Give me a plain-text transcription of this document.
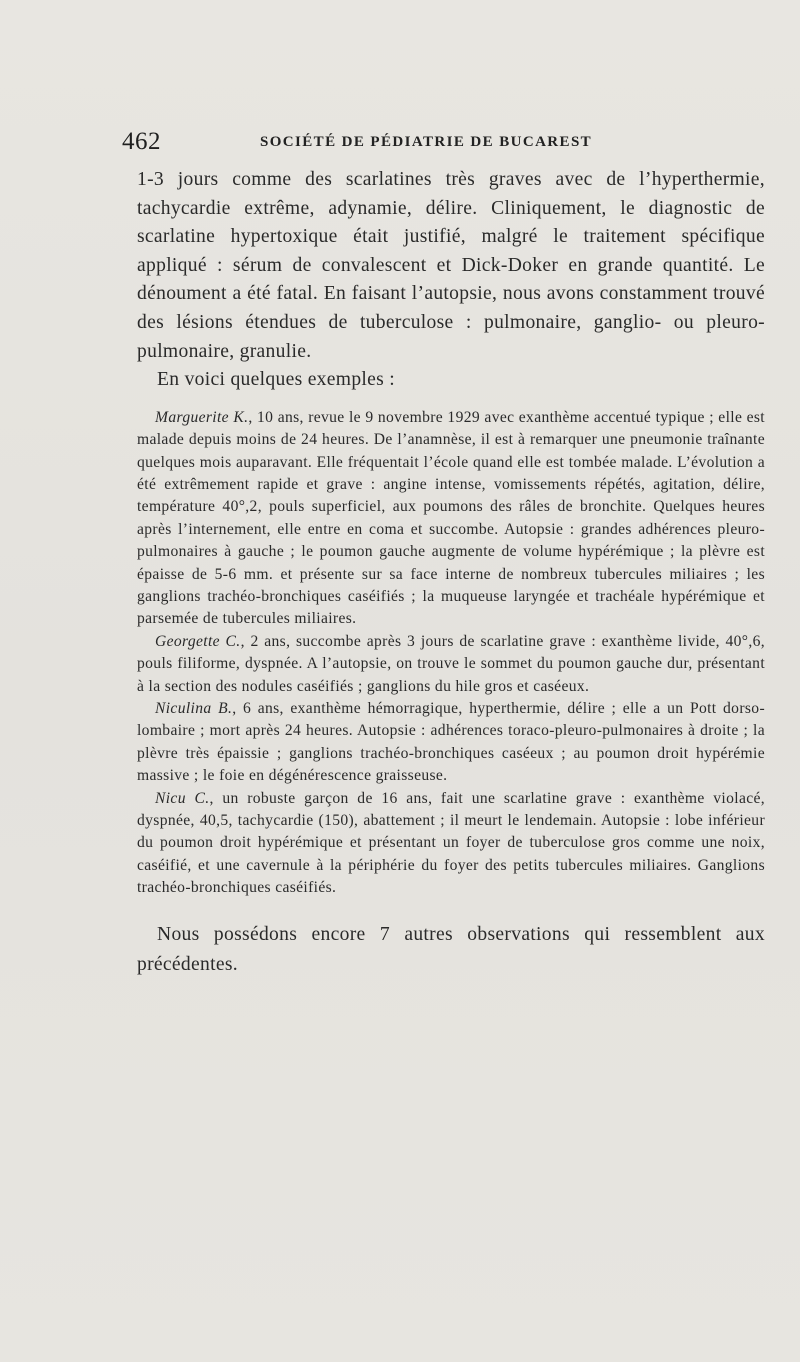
462	SOCIÉTÉ DE PÉDIATRIE DE BUCAREST

1-3 jours comme des scarlatines très graves avec de l’hyperthermie, tachycardie extrême, adynamie, délire. Cliniquement, le diagnostic de scarlatine hypertoxique était justifié, malgré le traitement spécifique appliqué : sérum de convalescent et Dick-Doker en grande quantité. Le dénoument a été fatal. En faisant l’autopsie, nous avons constamment trouvé des lésions étendues de tuberculose : pulmonaire, ganglio- ou pleuro-pulmonaire, granulie.

En voici quelques exemples :

Marguerite K., 10 ans, revue le 9 novembre 1929 avec exanthème accentué typique ; elle est malade depuis moins de 24 heures. De l’anamnèse, il est à remarquer une pneumonie traînante quelques mois auparavant. Elle fréquentait l’école quand elle est tombée malade. L’évolution a été extrêmement rapide et grave : angine intense, vomissements répétés, agitation, délire, température 40°,2, pouls superficiel, aux poumons des râles de bronchite. Quelques heures après l’internement, elle entre en coma et succombe. Autopsie : grandes adhérences pleuro-pulmonaires à gauche ; le poumon gauche augmente de volume hypérémique ; la plèvre est épaisse de 5-6 mm. et présente sur sa face interne de nombreux tubercules miliaires ; les ganglions trachéo-bronchiques caséifiés ; la muqueuse laryngée et trachéale hypérémique et parsemée de tubercules miliaires.

Georgette C., 2 ans, succombe après 3 jours de scarlatine grave : exanthème livide, 40°,6, pouls filiforme, dyspnée. A l’autopsie, on trouve le sommet du poumon gauche dur, présentant à la section des nodules caséifiés ; ganglions du hile gros et caséeux.

Niculina B., 6 ans, exanthème hémorragique, hyperthermie, délire ; elle a un Pott dorso-lombaire ; mort après 24 heures. Autopsie : adhérences toraco-pleuro-pulmonaires à droite ; la plèvre très épaissie ; ganglions trachéo-bronchiques caséeux ; au poumon droit hypérémie massive ; le foie en dégénérescence graisseuse.

Nicu C., un robuste garçon de 16 ans, fait une scarlatine grave : exanthème violacé, dyspnée, 40,5, tachycardie (150), abattement ; il meurt le lendemain. Autopsie : lobe inférieur du poumon droit hypérémique et présentant un foyer de tuberculose gros comme une noix, caséifié, et une cavernule à la périphérie du foyer des petits tubercules miliaires. Ganglions trachéo-bronchiques caséifiés.

Nous possédons encore 7 autres observations qui ressemblent aux précédentes.
